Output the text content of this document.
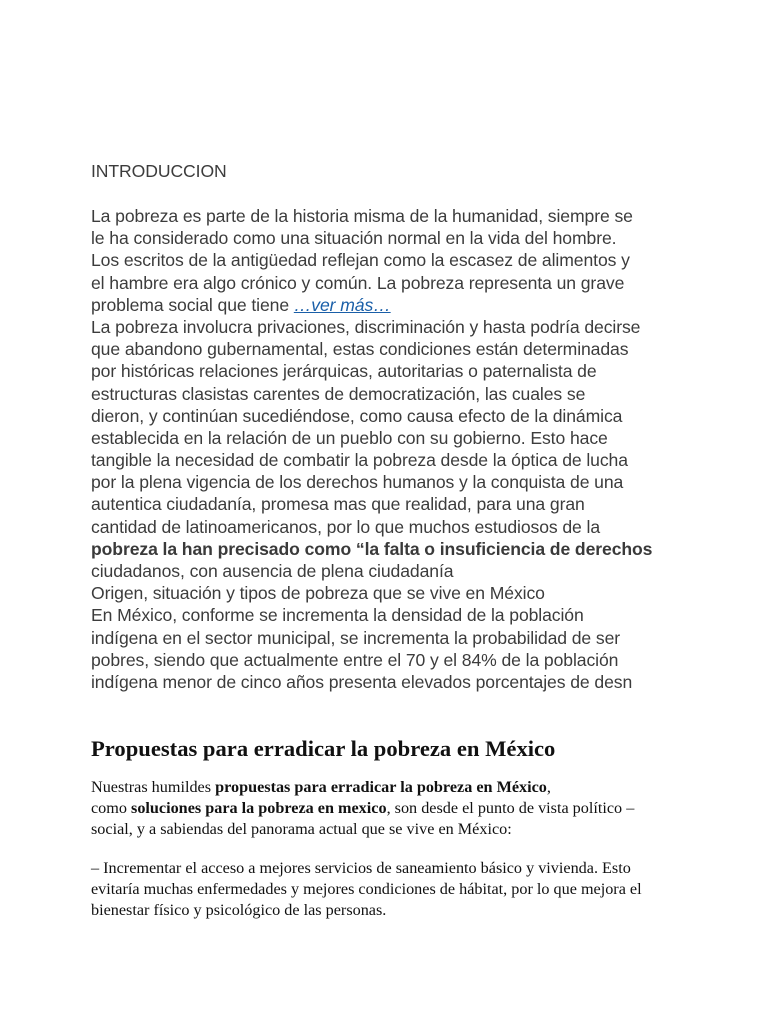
INTRODUCCION
La pobreza es parte de la historia misma de la humanidad, siempre se
le ha considerado como una situación normal en la vida del hombre.
Los escritos de la antigüedad reflejan como la escasez de alimentos y
el hambre era algo crónico y común. La pobreza representa un grave
problema social que tiene …ver más…
La pobreza involucra privaciones, discriminación y hasta podría decirse
que abandono gubernamental, estas condiciones están determinadas
por históricas relaciones jerárquicas, autoritarias o paternalista de
estructuras clasistas carentes de democratización, las cuales se
dieron, y continúan sucediéndose, como causa efecto de la dinámica
establecida en la relación de un pueblo con su gobierno. Esto hace
tangible la necesidad de combatir la pobreza desde la óptica de lucha
por la plena vigencia de los derechos humanos y la conquista de una
autentica ciudadanía, promesa mas que realidad, para una gran
cantidad de latinoamericanos, por lo que muchos estudiosos de la
pobreza la han precisado como “la falta o insuficiencia de derechos
ciudadanos, con ausencia de plena ciudadanía
Origen, situación y tipos de pobreza que se vive en México
En México, conforme se incrementa la densidad de la población
indígena en el sector municipal, se incrementa la probabilidad de ser
pobres, siendo que actualmente entre el 70 y el 84% de la población
indígena menor de cinco años presenta elevados porcentajes de desn
Propuestas para erradicar la pobreza en México
Nuestras humildes propuestas para erradicar la pobreza en México,
como soluciones para la pobreza en mexico, son desde el punto de vista político –
social, y a sabiendas del panorama actual que se vive en México:
– Incrementar el acceso a mejores servicios de saneamiento básico y vivienda. Esto
evitaría muchas enfermedades y mejores condiciones de hábitat, por lo que mejora el
bienestar físico y psicológico de las personas.
